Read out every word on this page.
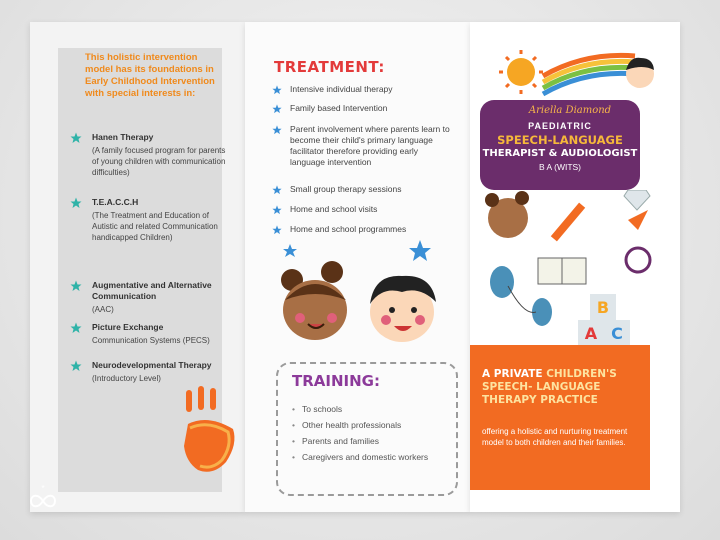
This holistic intervention model has its foundations in Early Childhood Intervention with special interests in:
Hanen Therapy
(A family focused program for parents of young children with communication difficulties)
T.E.A.C.C.H
(The Treatment and Education of Autistic and related Communication handicapped Children)
Augmentative and Alternative Communication
(AAC)
Picture Exchange
Communication Systems (PECS)
Neurodevelopmental Therapy
(Introductory Level)
TREATMENT:
Intensive individual therapy
Family based Intervention
Parent involvement where parents learn to become their child's primary language facilitator therefore providing early language intervention
Small group therapy sessions
Home and school visits
Home and school programmes
TRAINING:
• To schools
• Other health professionals
• Parents and families
• Caregivers and domestic workers
Ariella Diamond
PAEDIATRIC
SPEECH-LANGUAGE
THERAPIST & AUDIOLOGIST
B A (WITS)
B
A C
A PRIVATE CHILDREN'S
SPEECH- LANGUAGE
THERAPY PRACTICE
offering a holistic and nurturing treatment model to both children and their families.
*
